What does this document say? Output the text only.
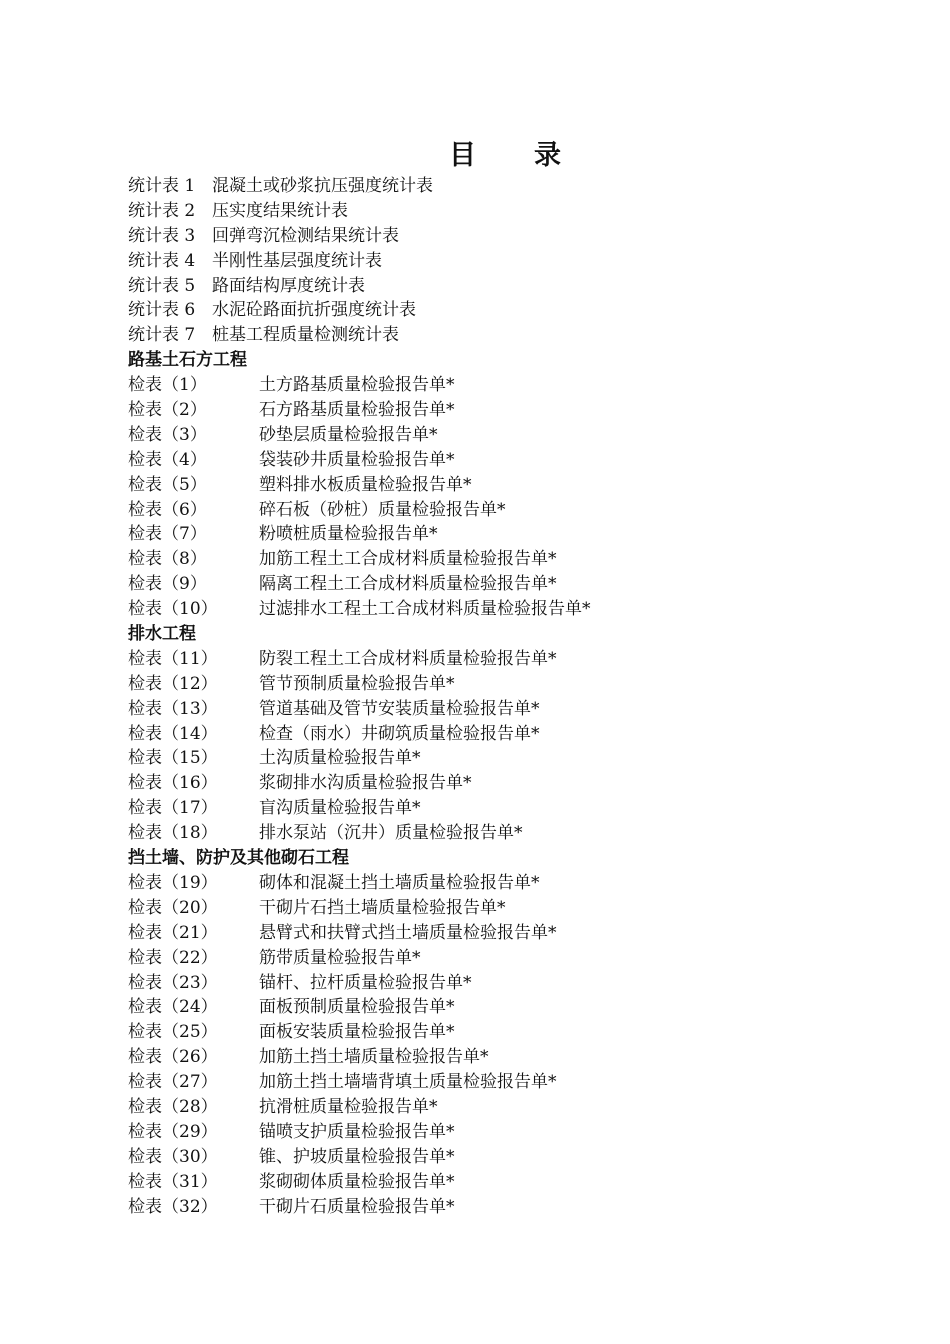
目 录
统计表 1 混凝土或砂浆抗压强度统计表
统计表 2 压实度结果统计表
统计表 3 回弹弯沉检测结果统计表
统计表 4 半刚性基层强度统计表
统计表 5 路面结构厚度统计表
统计表 6 水泥砼路面抗折强度统计表
统计表 7 桩基工程质量检测统计表
路基土石方工程
检表（1）	土方路基质量检验报告单*
检表（2）	石方路基质量检验报告单*
检表（3）	砂垫层质量检验报告单*
检表（4）	袋装砂井质量检验报告单*
检表（5）	塑料排水板质量检验报告单*
检表（6）	碎石板（砂桩）质量检验报告单*
检表（7）	粉喷桩质量检验报告单*
检表（8）	加筋工程土工合成材料质量检验报告单*
检表（9）	隔离工程土工合成材料质量检验报告单*
检表（10）	过滤排水工程土工合成材料质量检验报告单*
排水工程
检表（11）	防裂工程土工合成材料质量检验报告单*
检表（12）	管节预制质量检验报告单*
检表（13）	管道基础及管节安装质量检验报告单*
检表（14）	检查（雨水）井砌筑质量检验报告单*
检表（15）	土沟质量检验报告单*
检表（16）	浆砌排水沟质量检验报告单*
检表（17）	盲沟质量检验报告单*
检表（18）	排水泵站（沉井）质量检验报告单*
挡土墙、防护及其他砌石工程
检表（19）	砌体和混凝土挡土墙质量检验报告单*
检表（20）	干砌片石挡土墙质量检验报告单*
检表（21）	悬臂式和扶臂式挡土墙质量检验报告单*
检表（22）	筋带质量检验报告单*
检表（23）	锚杆、拉杆质量检验报告单*
检表（24）	面板预制质量检验报告单*
检表（25）	面板安装质量检验报告单*
检表（26）	加筋土挡土墙质量检验报告单*
检表（27）	加筋土挡土墙墙背填土质量检验报告单*
检表（28）	抗滑桩质量检验报告单*
检表（29）	锚喷支护质量检验报告单*
检表（30）	锥、护坡质量检验报告单*
检表（31）	浆砌砌体质量检验报告单*
检表（32）	干砌片石质量检验报告单*
